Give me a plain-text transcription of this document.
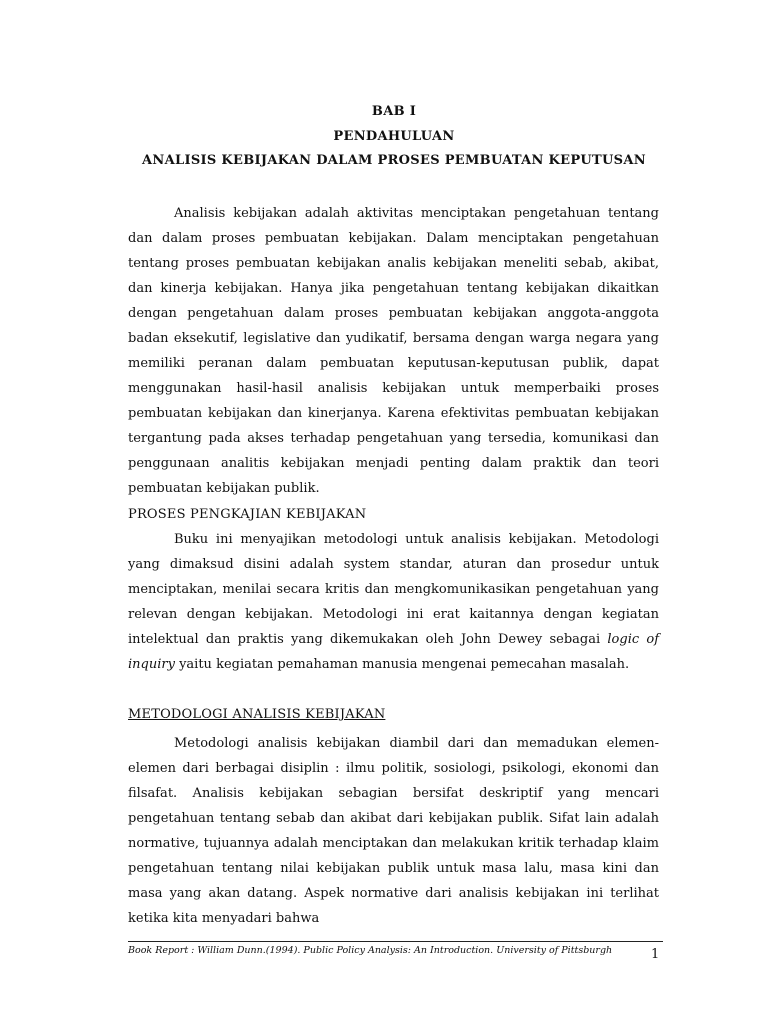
BAB I
PENDAHULUAN
ANALISIS KEBIJAKAN DALAM PROSES PEMBUATAN KEPUTUSAN

Analisis kebijakan adalah aktivitas menciptakan pengetahuan tentang dan dalam proses pembuatan kebijakan. Dalam menciptakan pengetahuan tentang proses pembuatan kebijakan analis kebijakan meneliti sebab, akibat, dan kinerja kebijakan. Hanya jika pengetahuan tentang kebijakan dikaitkan dengan pengetahuan dalam proses pembuatan kebijakan anggota-anggota badan eksekutif, legislative dan yudikatif, bersama dengan warga negara yang memiliki peranan dalam pembuatan keputusan-keputusan publik, dapat menggunakan hasil-hasil analisis kebijakan untuk memperbaiki proses pembuatan kebijakan dan kinerjanya. Karena efektivitas pembuatan kebijakan tergantung pada akses terhadap pengetahuan yang tersedia, komunikasi dan penggunaan analitis kebijakan menjadi penting dalam praktik dan teori pembuatan kebijakan publik.

PROSES PENGKAJIAN KEBIJAKAN

Buku ini menyajikan metodologi untuk analisis kebijakan. Metodologi yang dimaksud disini adalah system standar, aturan dan prosedur untuk menciptakan, menilai secara kritis dan mengkomunikasikan pengetahuan yang relevan dengan kebijakan. Metodologi ini erat kaitannya dengan kegiatan intelektual dan praktis yang dikemukakan oleh John Dewey sebagai logic of inquiry yaitu kegiatan pemahaman manusia mengenai pemecahan masalah.

METODOLOGI ANALISIS KEBIJAKAN

Metodologi analisis kebijakan diambil dari dan memadukan elemen-elemen dari berbagai disiplin : ilmu politik, sosiologi, psikologi, ekonomi dan filsafat. Analisis kebijakan sebagian bersifat deskriptif yang mencari pengetahuan tentang sebab dan akibat dari kebijakan publik. Sifat lain adalah normative, tujuannya adalah menciptakan dan melakukan kritik terhadap klaim pengetahuan tentang nilai kebijakan publik untuk masa lalu, masa kini dan masa yang akan datang. Aspek normative dari analisis kebijakan ini terlihat ketika kita menyadari bahwa

Book Report : William Dunn.(1994). Public Policy Analysis: An Introduction. University of Pittsburgh	1
